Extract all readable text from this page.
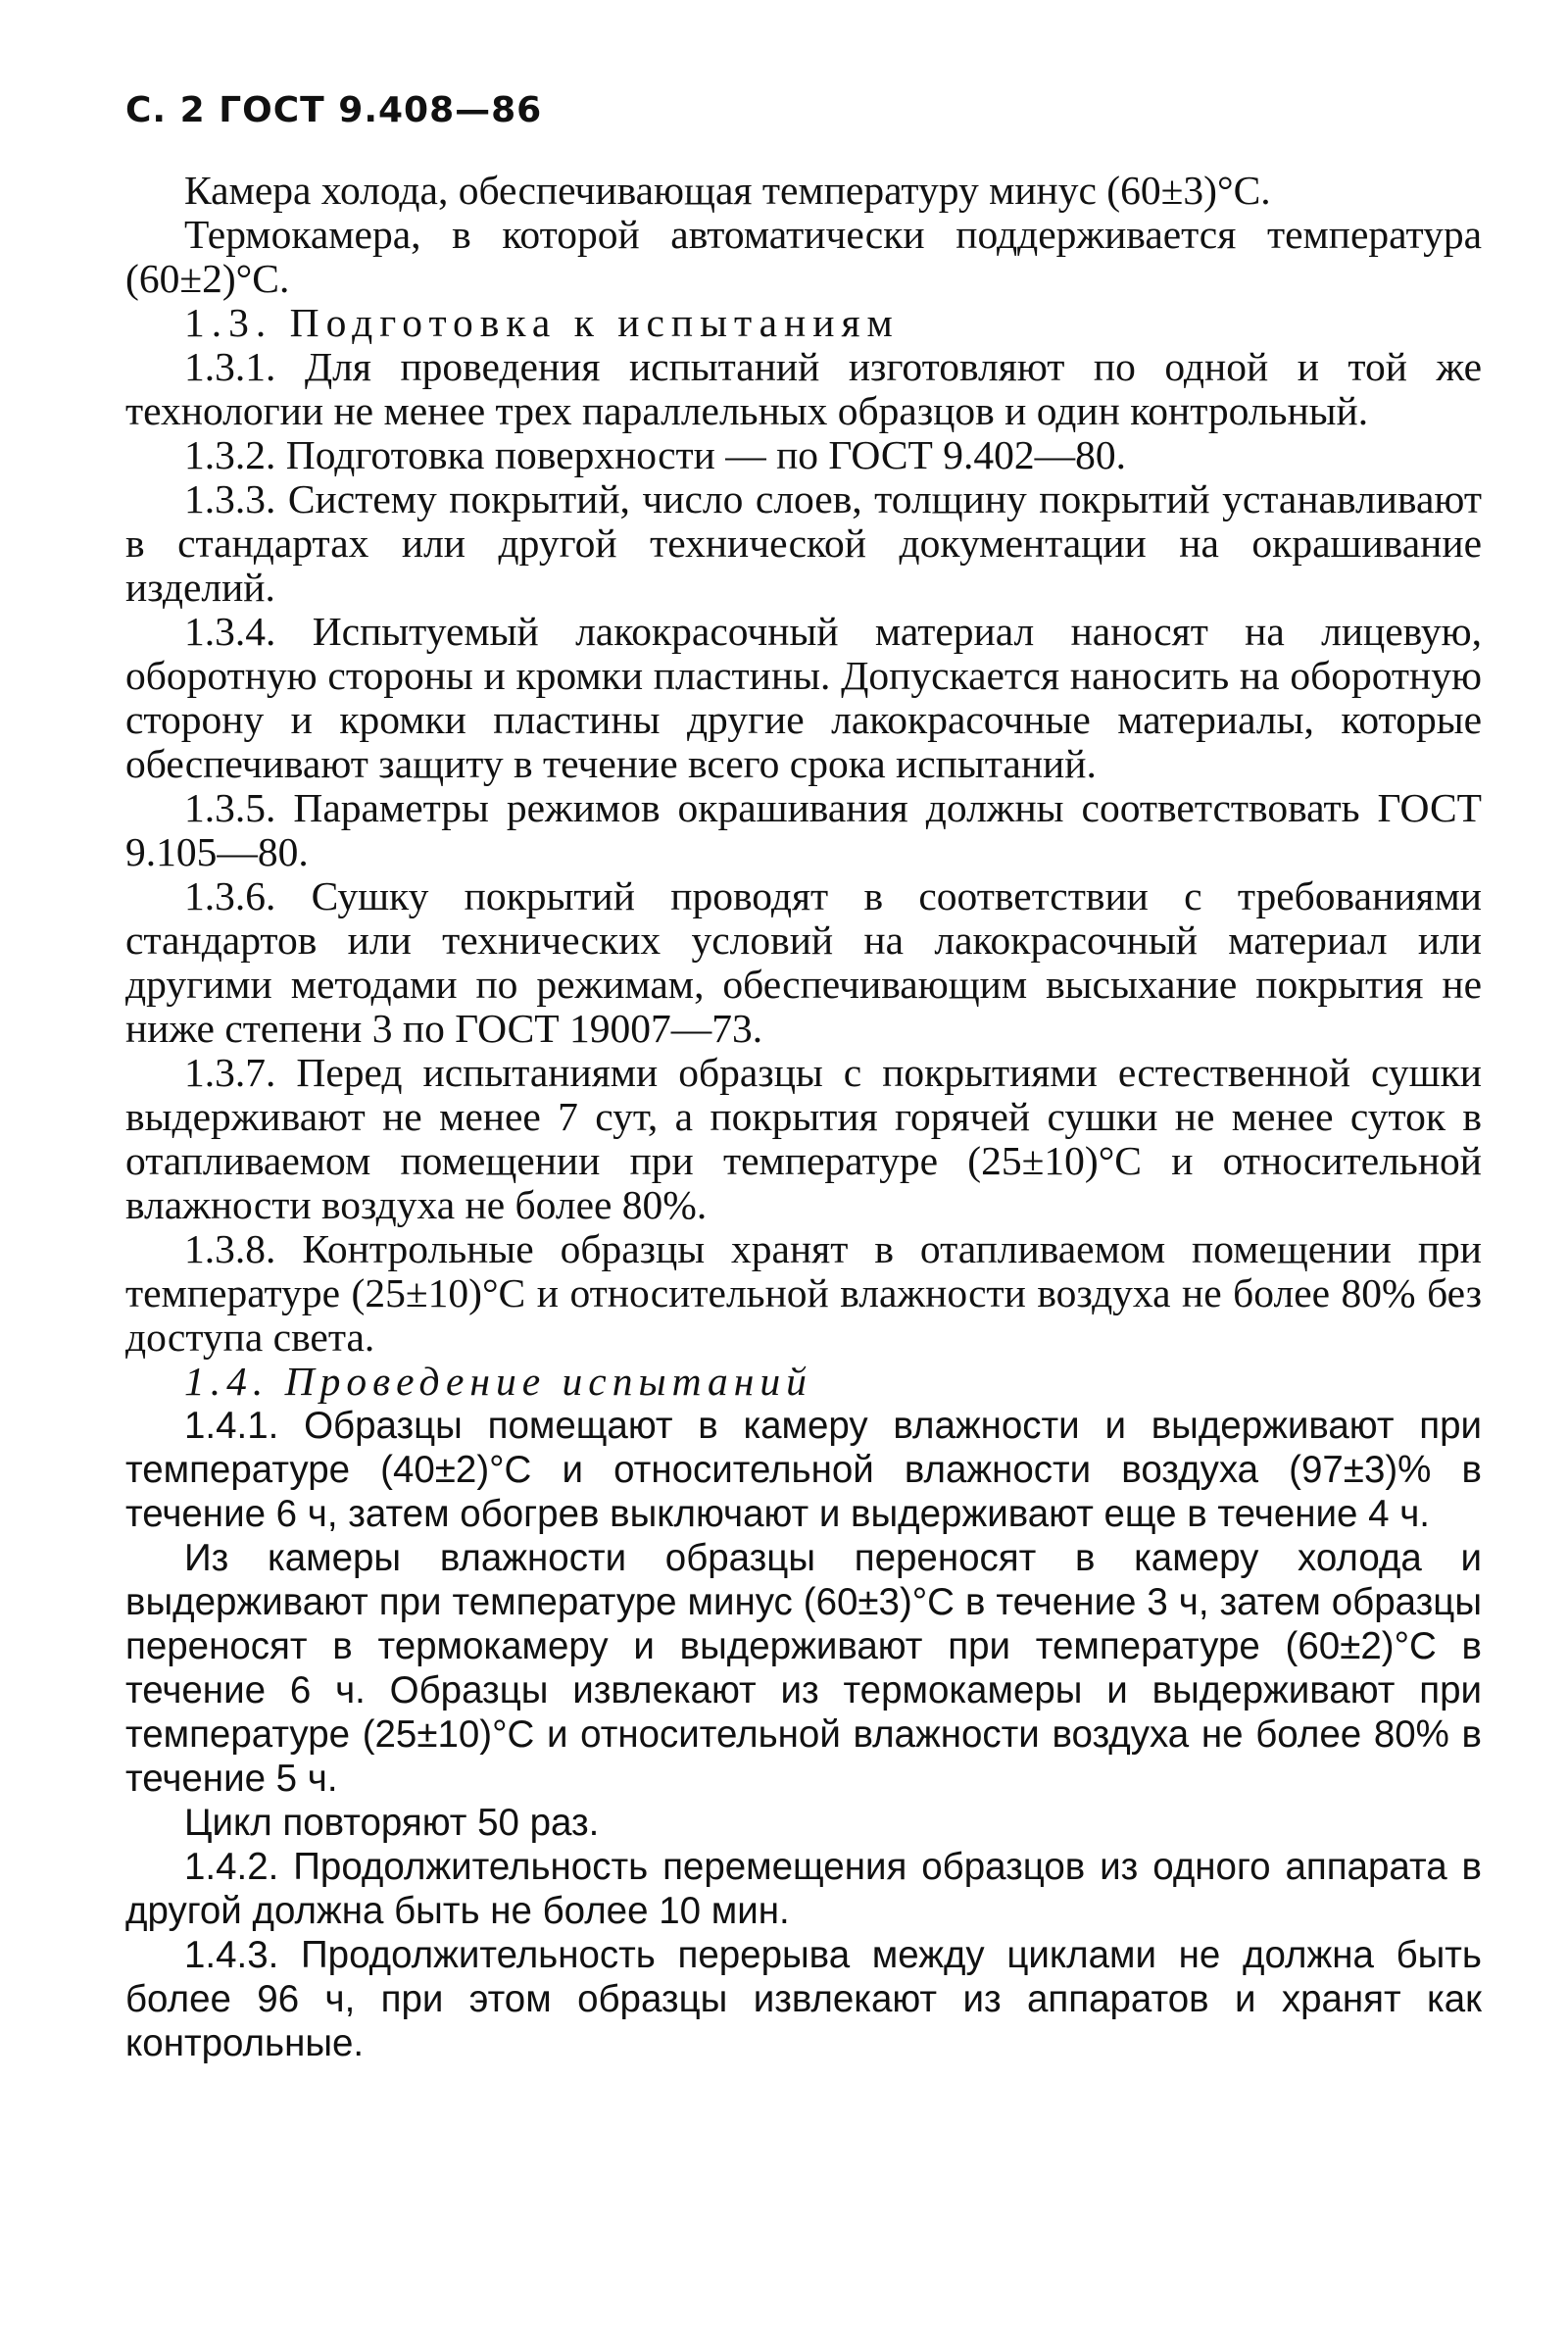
С. 2 ГОСТ 9.408—86

Камера холода, обеспечивающая температуру минус (60±3)°С.

Термокамера, в которой автоматически поддерживается температура (60±2)°С.

1.3. Подготовка к испытаниям

1.3.1. Для проведения испытаний изготовляют по одной и той же технологии не менее трех параллельных образцов и один контрольный.

1.3.2. Подготовка поверхности — по ГОСТ 9.402—80.

1.3.3. Систему покрытий, число слоев, толщину покрытий устанавливают в стандартах или другой технической документации на окрашивание изделий.

1.3.4. Испытуемый лакокрасочный материал наносят на лицевую, оборотную стороны и кромки пластины. Допускается наносить на оборотную сторону и кромки пластины другие лакокрасочные материалы, которые обеспечивают защиту в течение всего срока испытаний.

1.3.5. Параметры режимов окрашивания должны соответствовать ГОСТ 9.105—80.

1.3.6. Сушку покрытий проводят в соответствии с требованиями стандартов или технических условий на лакокрасочный материал или другими методами по режимам, обеспечивающим высыхание покрытия не ниже степени 3 по ГОСТ 19007—73.

1.3.7. Перед испытаниями образцы с покрытиями естественной сушки выдерживают не менее 7 сут, а покрытия горячей сушки не менее суток в отапливаемом помещении при температуре (25±10)°С и относительной влажности воздуха не более 80%.

1.3.8. Контрольные образцы хранят в отапливаемом помещении при температуре (25±10)°С и относительной влажности воздуха не более 80% без доступа света.

1.4. Проведение испытаний

1.4.1. Образцы помещают в камеру влажности и выдерживают при температуре (40±2)°С и относительной влажности воздуха (97±3)% в течение 6 ч, затем обогрев выключают и выдерживают еще в течение 4 ч.

Из камеры влажности образцы переносят в камеру холода и выдерживают при температуре минус (60±3)°С в течение 3 ч, затем образцы переносят в термокамеру и выдерживают при температуре (60±2)°С в течение 6 ч. Образцы извлекают из термокамеры и выдерживают при температуре (25±10)°С и относительной влажности воздуха не более 80% в течение 5 ч.

Цикл повторяют 50 раз.

1.4.2. Продолжительность перемещения образцов из одного аппарата в другой должна быть не более 10 мин.

1.4.3. Продолжительность перерыва между циклами не должна быть более 96 ч, при этом образцы извлекают из аппаратов и хранят как контрольные.
